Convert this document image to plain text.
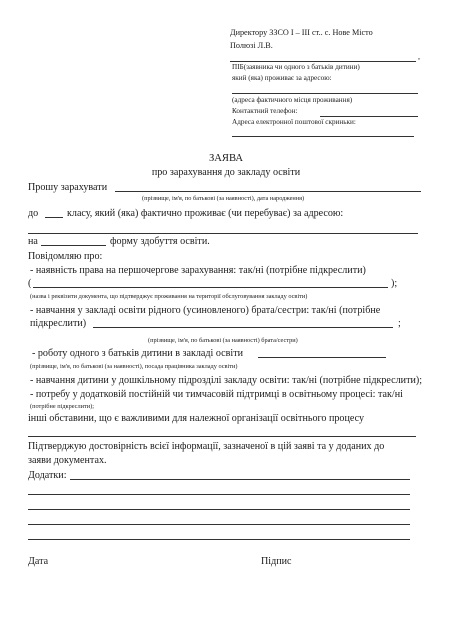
Директору ЗЗСО І – ІІІ ст.. с. Нове Місто
Полюзі Л.В.
,
ПІБ(заявника чи одного з батьків дитини)
який (яка) проживає за адресою:
(адреса фактичного місця проживання)
Контактний телефон:
Адреса електронної поштової скриньки:
ЗАЯВА
про зарахування до закладу освіти
Прошу зарахувати
(прізвище, ім'я, по батькові (за наявності), дата народження)
до	класу, який (яка) фактично проживає (чи перебуває) за адресою:
на	форму здобуття освіти.
Повідомляю про:
- наявність права на першочергове зарахування: так/ні (потрібне підкреслити)
(	);
(назва і реквізити документа, що підтверджує проживання на території обслуговування закладу освіти)
- навчання у закладі освіти рідного (усиновленого) брата/сестри: так/ні (потрібне
підкреслити)	;
(прізвище, ім'я, по батькові (за наявності) брата/сестри)
- роботу одного з батьків дитини в закладі освіти
(прізвище, ім'я, по батькові (за наявності), посада працівника закладу освіти)
- навчання дитини у дошкільному підрозділі закладу освіти: так/ні (потрібне підкреслити);
- потребу у додатковій постійній чи тимчасовій підтримці в освітньому процесі: так/ні
(потрібне підкреслити);
інші обставини, що є важливими для належної організації освітнього процесу
Підтверджую достовірність всієї інформації, зазначеної в цій заяві та у доданих до
заяви документах.
Додатки:
Дата	Підпис
